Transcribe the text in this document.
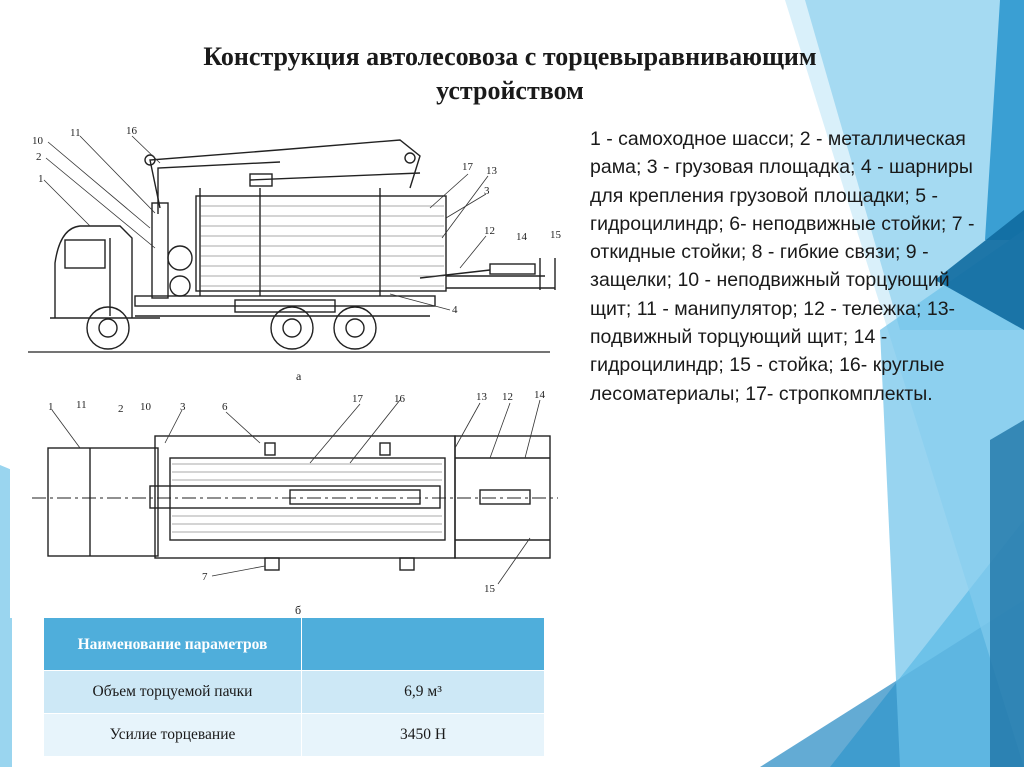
Конструкция автолесовоза с торцевыравнивающим
устройством
1 - самоходное шасси; 2 - металлическая рама; 3 - грузовая площадка; 4 - шарниры для крепления грузовой площадки; 5 - гидроцилиндр; 6- неподвижные стойки; 7 - откидные стойки; 8 - гибкие связи; 9 - защелки; 10 - неподвижный торцующий щит; 11 - манипулятор; 12 - тележка; 13- подвижный торцующий щит; 14 - гидроцилиндр; 15 - стойка; 16- круглые лесоматериалы; 17- стропкомплекты.
10
11	16
2
1
17 13
3
12 14 15
4
а
1 11	2 10	3	6
17	16	13 12 14
7
15
б
Наименование параметров	
Объем торцуемой пачки	6,9 м³
Усилие торцевание	3450 Н
